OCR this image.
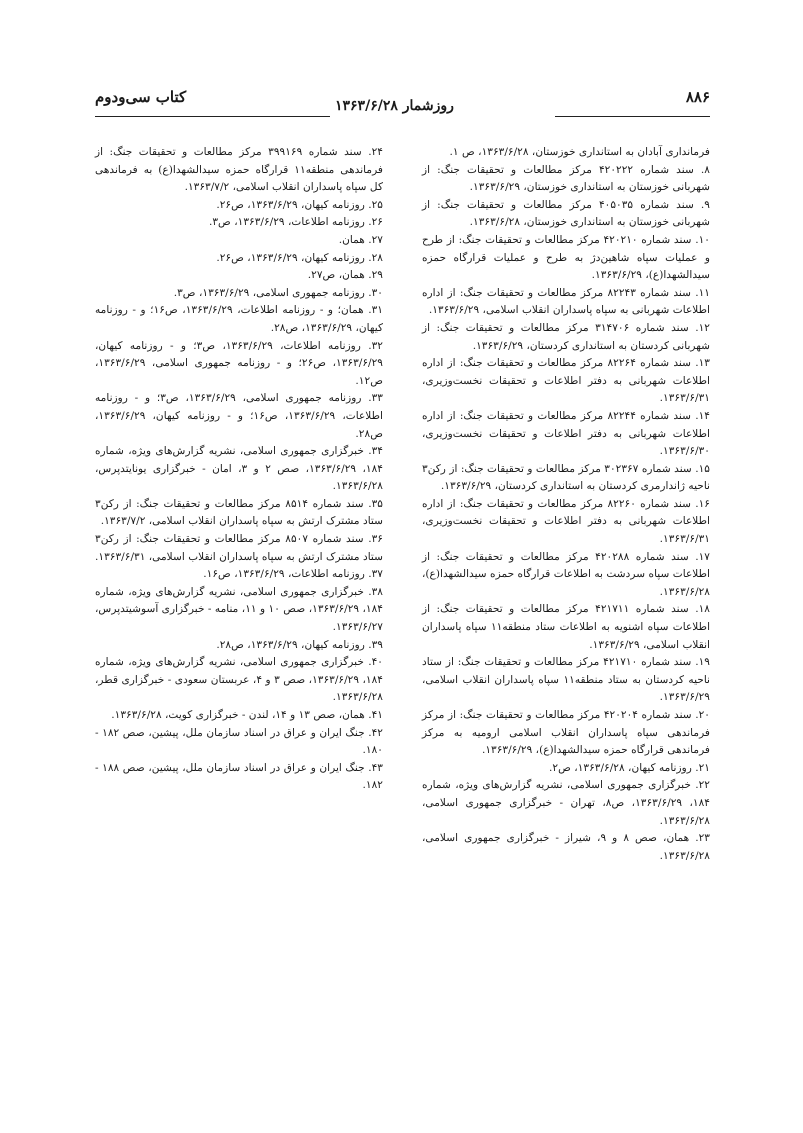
۸۸۶
روزشمار ۱۳۶۳/۶/۲۸
کتاب سی‌ودوم

فرمانداری آبادان به استانداری خوزستان، ۱۳۶۳/۶/۲۸، ص ۱.

۸. سند شماره ۴۲۰۲۲۲ مرکز مطالعات و تحقیقات جنگ: از شهربانی خوزستان به استانداری خوزستان، ۱۳۶۳/۶/۲۹.

۹. سند شماره ۴۰۵۰۳۵ مرکز مطالعات و تحقیقات جنگ: از شهربانی خوزستان به استانداری خوزستان، ۱۳۶۳/۶/۲۸.

۱۰. سند شماره ۴۲۰۲۱۰ مرکز مطالعات و تحقیقات جنگ: از طرح و عملیات سپاه شاهین‌دژ به طرح و عملیات قرارگاه حمزه سیدالشهدا(ع)، ۱۳۶۳/۶/۲۹.

۱۱. سند شماره ۸۲۲۴۳ مرکز مطالعات و تحقیقات جنگ: از اداره اطلاعات شهربانی به سپاه پاسداران انقلاب اسلامی، ۱۳۶۳/۶/۲۹.

۱۲. سند شماره ۳۱۴۷۰۶ مرکز مطالعات و تحقیقات جنگ: از شهربانی کردستان به استانداری کردستان، ۱۳۶۳/۶/۲۹.

۱۳. سند شماره ۸۲۲۶۴ مرکز مطالعات و تحقیقات جنگ: از اداره اطلاعات شهربانی به دفتر اطلاعات و تحقیقات نخست‌وزیری، ۱۳۶۳/۶/۳۱.

۱۴. سند شماره ۸۲۲۴۴ مرکز مطالعات و تحقیقات جنگ: از اداره اطلاعات شهربانی به دفتر اطلاعات و تحقیقات نخست‌وزیری، ۱۳۶۳/۶/۳۰.

۱۵. سند شماره ۳۰۲۳۶۷ مرکز مطالعات و تحقیقات جنگ: از رکن۳ ناحیه ژاندارمری کردستان به استانداری کردستان، ۱۳۶۳/۶/۲۹.

۱۶. سند شماره ۸۲۲۶۰ مرکز مطالعات و تحقیقات جنگ: از اداره اطلاعات شهربانی به دفتر اطلاعات و تحقیقات نخست‌وزیری، ۱۳۶۳/۶/۳۱.

۱۷. سند شماره ۴۲۰۲۸۸ مرکز مطالعات و تحقیقات جنگ: از اطلاعات سپاه سردشت به اطلاعات قرارگاه حمزه سیدالشهدا(ع)، ۱۳۶۳/۶/۲۸.

۱۸. سند شماره ۴۲۱۷۱۱ مرکز مطالعات و تحقیقات جنگ: از اطلاعات سپاه اشنویه به اطلاعات ستاد منطقه۱۱ سپاه پاسداران انقلاب اسلامی، ۱۳۶۳/۶/۲۹.

۱۹. سند شماره ۴۲۱۷۱۰ مرکز مطالعات و تحقیقات جنگ: از ستاد ناحیه کردستان به ستاد منطقه۱۱ سپاه پاسداران انقلاب اسلامی، ۱۳۶۳/۶/۲۹.

۲۰. سند شماره ۴۲۰۲۰۴ مرکز مطالعات و تحقیقات جنگ: از مرکز فرماندهی سپاه پاسداران انقلاب اسلامی ارومیه به مرکز فرماندهی قرارگاه حمزه سیدالشهدا(ع)، ۱۳۶۳/۶/۲۹.

۲۱. روزنامه کیهان، ۱۳۶۳/۶/۲۸، ص۲.

۲۲. خبرگزاری جمهوری اسلامی، نشریه گزارش‌های ویژه، شماره ۱۸۴، ۱۳۶۳/۶/۲۹، ص۸، تهران - خبرگزاری جمهوری اسلامی، ۱۳۶۳/۶/۲۸.

۲۳. همان، صص ۸ و ۹، شیراز - خبرگزاری جمهوری اسلامی، ۱۳۶۳/۶/۲۸.

۲۴. سند شماره ۳۹۹۱۶۹ مرکز مطالعات و تحقیقات جنگ: از فرماندهی منطقه۱۱ قرارگاه حمزه سیدالشهدا(ع) به فرماندهی کل سپاه پاسداران انقلاب اسلامی، ۱۳۶۳/۷/۲.

۲۵. روزنامه کیهان، ۱۳۶۳/۶/۲۹، ص۲۶.

۲۶. روزنامه اطلاعات، ۱۳۶۳/۶/۲۹، ص۳.

۲۷. همان.

۲۸. روزنامه کیهان، ۱۳۶۳/۶/۲۹، ص۲۶.

۲۹. همان، ص۲۷.

۳۰. روزنامه جمهوری اسلامی، ۱۳۶۳/۶/۲۹، ص۳.

۳۱. همان؛ و - روزنامه اطلاعات، ۱۳۶۳/۶/۲۹، ص۱۶؛ و - روزنامه کیهان، ۱۳۶۳/۶/۲۹، ص۲۸.

۳۲. روزنامه اطلاعات، ۱۳۶۳/۶/۲۹، ص۳؛ و - روزنامه کیهان، ۱۳۶۳/۶/۲۹، ص۲۶؛ و - روزنامه جمهوری اسلامی، ۱۳۶۳/۶/۲۹، ص۱۲.

۳۳. روزنامه جمهوری اسلامی، ۱۳۶۳/۶/۲۹، ص۳؛ و - روزنامه اطلاعات، ۱۳۶۳/۶/۲۹، ص۱۶؛ و - روزنامه کیهان، ۱۳۶۳/۶/۲۹، ص۲۸.

۳۴. خبرگزاری جمهوری اسلامی، نشریه گزارش‌های ویژه، شماره ۱۸۴، ۱۳۶۳/۶/۲۹، صص ۲ و ۳، امان - خبرگزاری یونایتدپرس، ۱۳۶۳/۶/۲۸.

۳۵. سند شماره ۸۵۱۴ مرکز مطالعات و تحقیقات جنگ: از رکن۳ ستاد مشترک ارتش به سپاه پاسداران انقلاب اسلامی، ۱۳۶۳/۷/۲.

۳۶. سند شماره ۸۵۰۷ مرکز مطالعات و تحقیقات جنگ: از رکن۳ ستاد مشترک ارتش به سپاه پاسداران انقلاب اسلامی، ۱۳۶۳/۶/۳۱.

۳۷. روزنامه اطلاعات، ۱۳۶۳/۶/۲۹، ص۱۶.

۳۸. خبرگزاری جمهوری اسلامی، نشریه گزارش‌های ویژه، شماره ۱۸۴، ۱۳۶۳/۶/۲۹، صص ۱۰ و ۱۱، منامه - خبرگزاری آسوشیتدپرس، ۱۳۶۳/۶/۲۷.

۳۹. روزنامه کیهان، ۱۳۶۳/۶/۲۹، ص۲۸.

۴۰. خبرگزاری جمهوری اسلامی، نشریه گزارش‌های ویژه، شماره ۱۸۴، ۱۳۶۳/۶/۲۹، صص ۳ و ۴، عربستان سعودی - خبرگزاری قطر، ۱۳۶۳/۶/۲۸.

۴۱. همان، صص ۱۳ و ۱۴، لندن - خبرگزاری کویت، ۱۳۶۳/۶/۲۸.

۴۲. جنگ ایران و عراق در اسناد سازمان ملل، پیشین، صص ۱۸۲ - ۱۸۰.

۴۳. جنگ ایران و عراق در اسناد سازمان ملل، پیشین، صص ۱۸۸ - ۱۸۲.
